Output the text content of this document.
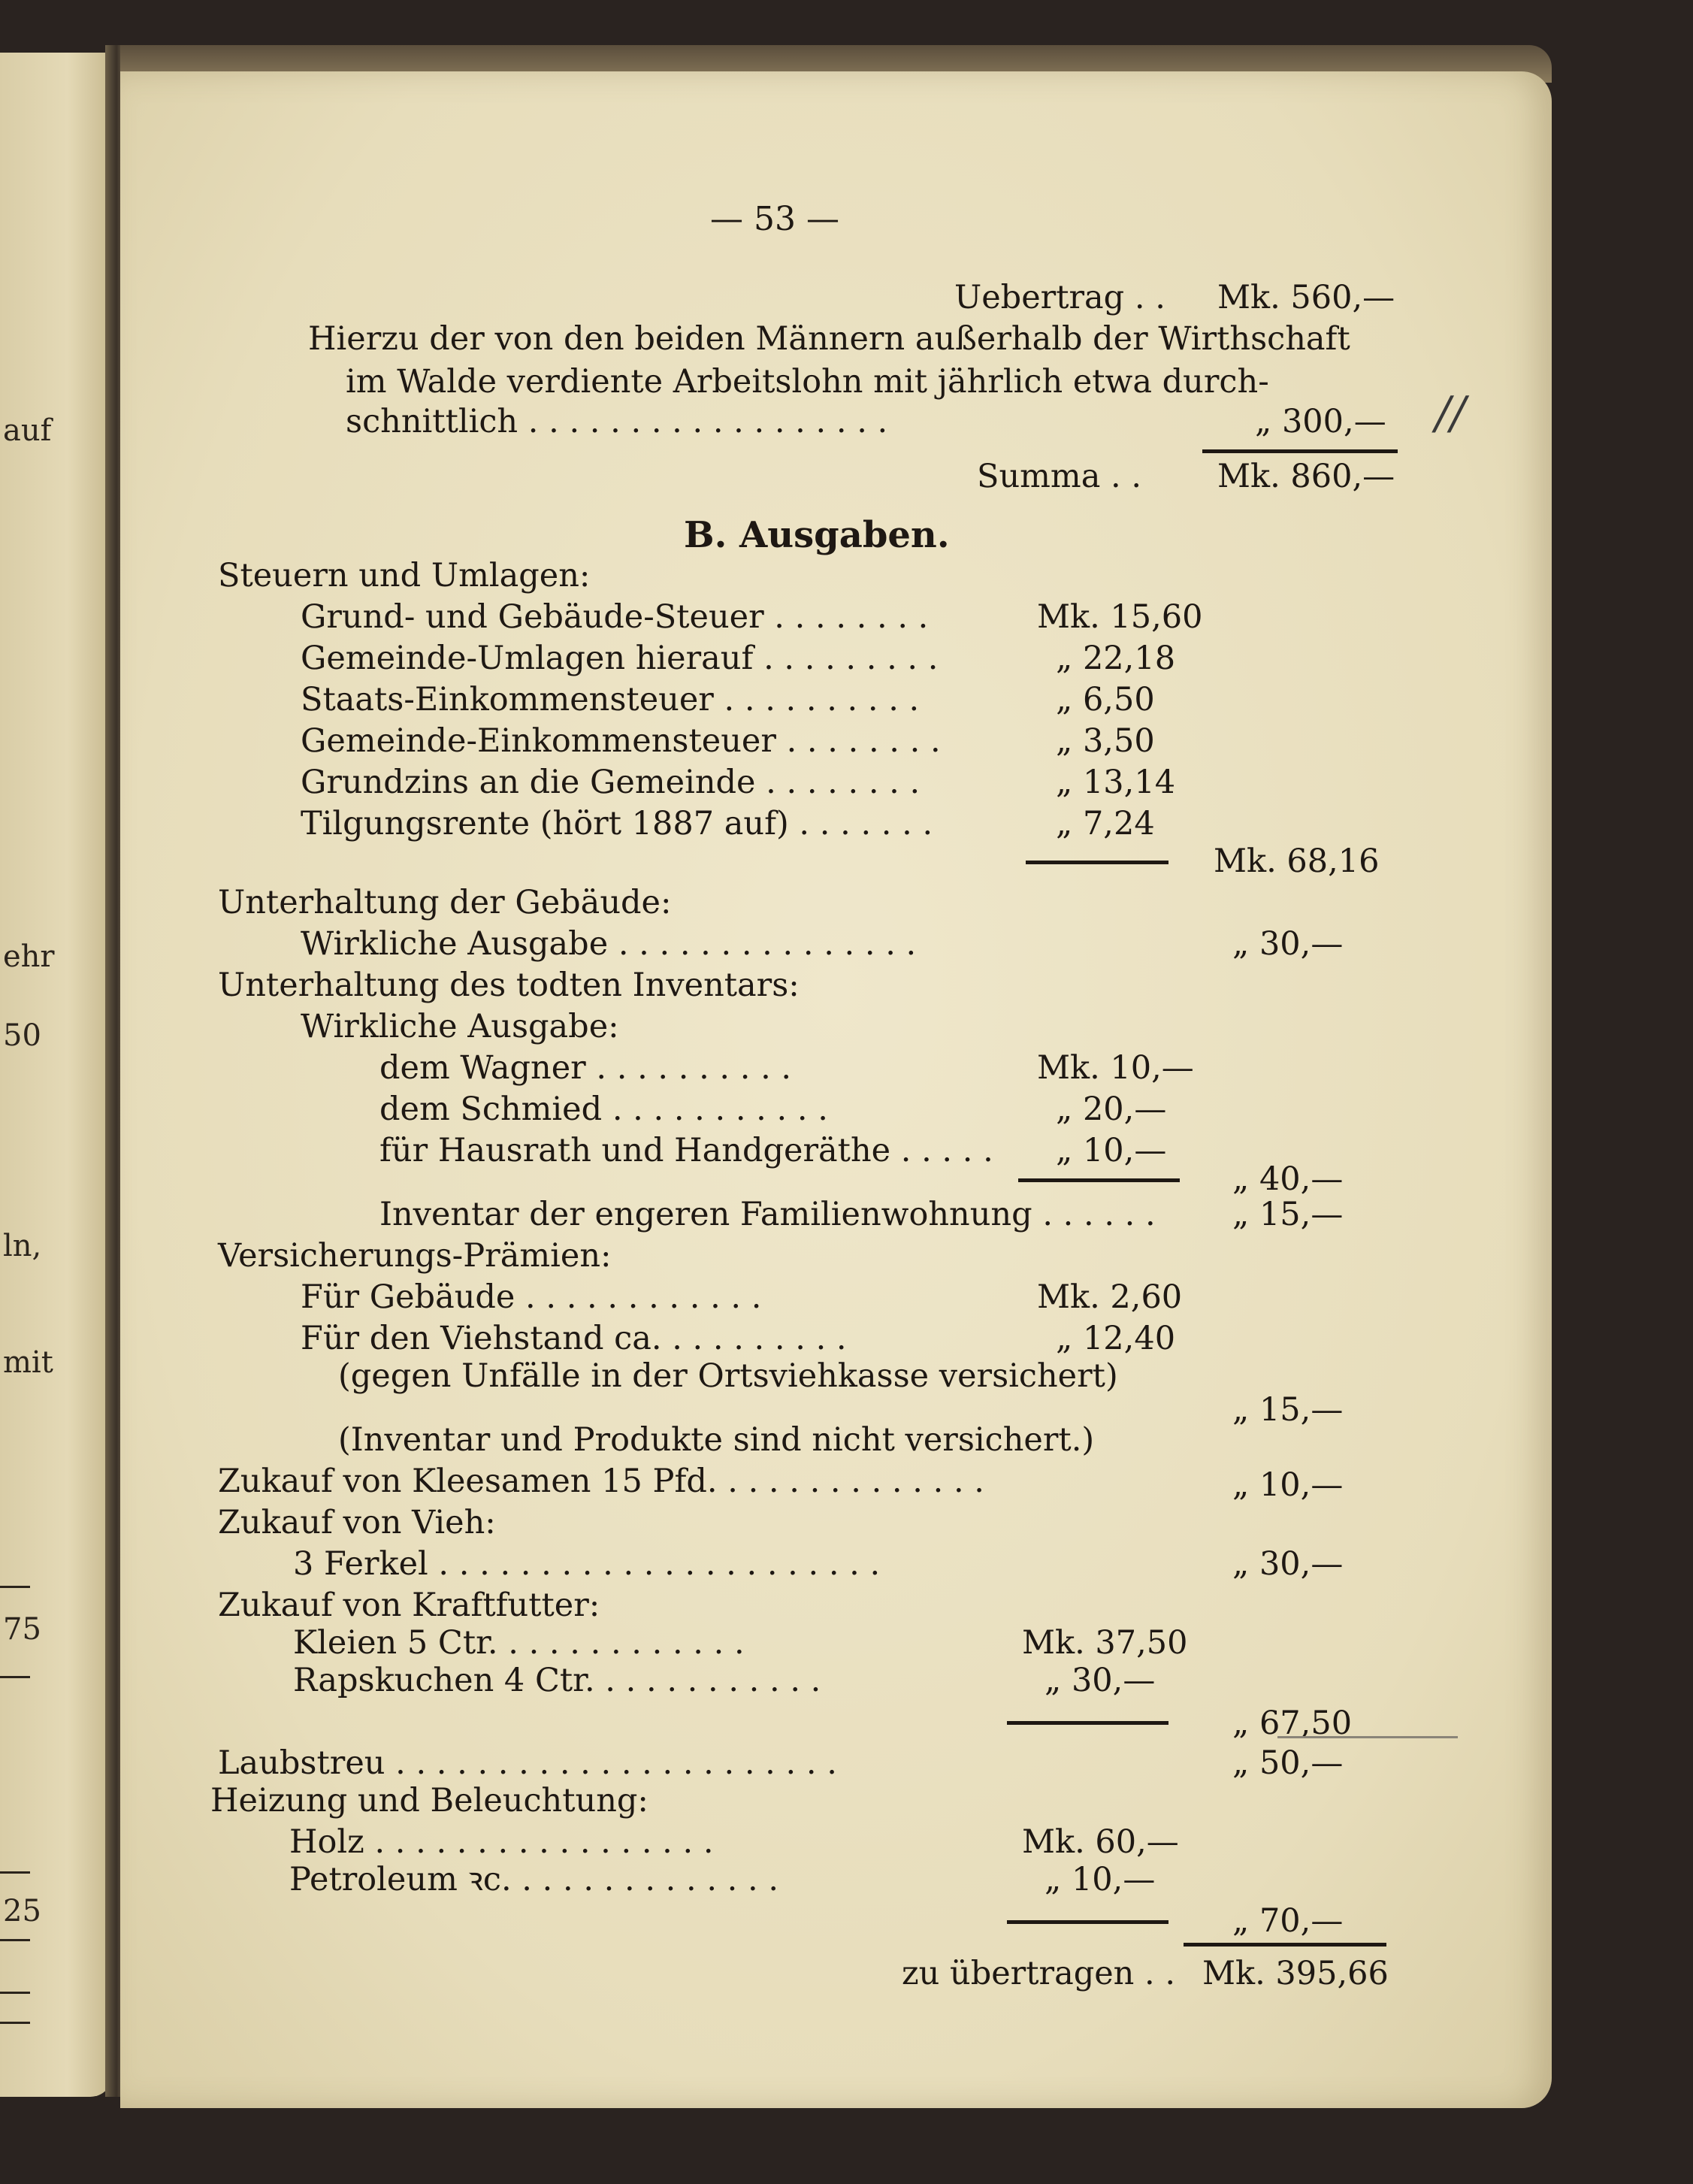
auf
ehr
50
ln,
mit
75
25
— 53 —
//
Uebertrag . . Mk. 560,—
Hierzu der von den beiden Männern außerhalb der Wirthschaft
im Walde verdiente Arbeitslohn mit jährlich etwa durch-
schnittlich . . . . . . . . . . . . . . . . . .	„ 300,—
Summa . . Mk. 860,—
B. Ausgaben.
Steuern und Umlagen:
Grund- und Gebäude-Steuer . . . . . . . .	Mk. 15,60
Gemeinde-Umlagen hierauf . . . . . . . . .	„ 22,18
Staats-Einkommensteuer . . . . . . . . . .	„ 6,50
Gemeinde-Einkommensteuer . . . . . . . .	„ 3,50
Grundzins an die Gemeinde . . . . . . . .	„ 13,14
Tilgungsrente (hört 1887 auf) . . . . . . .	„ 7,24
Mk. 68,16
Unterhaltung der Gebäude:
Wirkliche Ausgabe . . . . . . . . . . . . . . .	„ 30,—
Unterhaltung des todten Inventars:
Wirkliche Ausgabe:
dem Wagner . . . . . . . . . .	Mk. 10,—
dem Schmied . . . . . . . . . . .	„ 20,—
für Hausrath und Handgeräthe . . . . . „ 10,—
„ 40,—
Inventar der engeren Familienwohnung . . . . . . „ 15,—
Versicherungs-Prämien:
Für Gebäude . . . . . . . . . . . .	Mk. 2,60
Für den Viehstand ca. . . . . . . . . .	„ 12,40
(gegen Unfälle in der Ortsviehkasse versichert)
„ 15,—
(Inventar und Produkte sind nicht versichert.)
Zukauf von Kleesamen 15 Pfd. . . . . . . . . . . . . .	„ 10,—
Zukauf von Vieh:
3 Ferkel . . . . . . . . . . . . . . . . . . . . . .	„ 30,—
Zukauf von Kraftfutter:
Kleien 5 Ctr. . . . . . . . . . . . .	Mk. 37,50
Rapskuchen 4 Ctr. . . . . . . . . . . .	„ 30,—
„ 67,50
Laubstreu . . . . . . . . . . . . . . . . . . . . . .	„ 50,—
Heizung und Beleuchtung:
Holz . . . . . . . . . . . . . . . . .	Mk. 60,—
Petroleum ꝛc. . . . . . . . . . . . . .	„ 10,—
„ 70,—
zu übertragen . . Mk. 395,66
